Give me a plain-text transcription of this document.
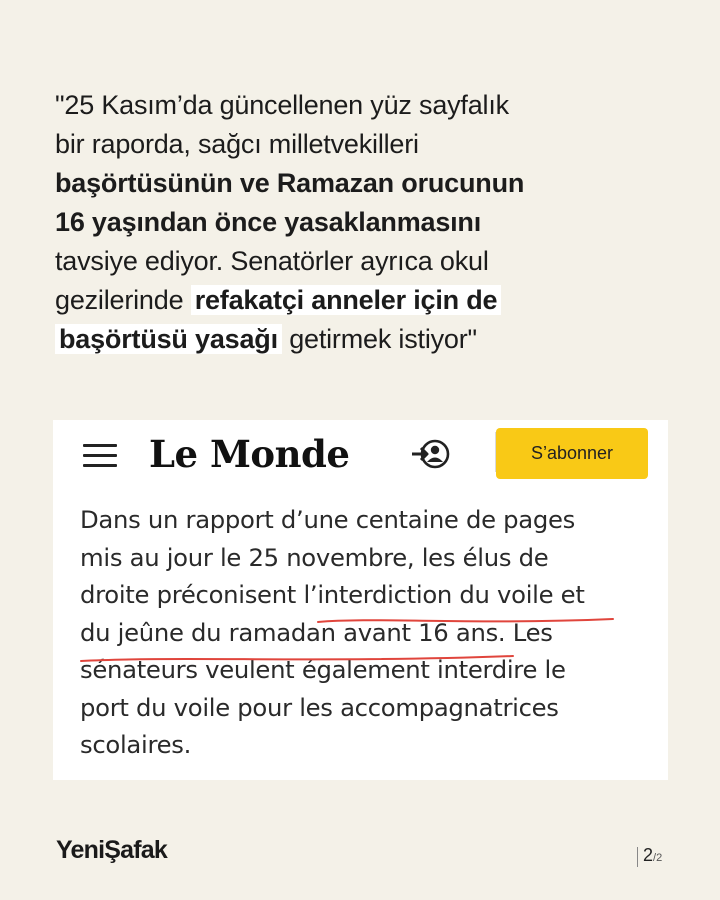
"25 Kasım’da güncellenen yüz sayfalık
bir raporda, sağcı milletvekilleri
başörtüsünün ve Ramazan orucunun
16 yaşından önce yasaklanmasını
tavsiye ediyor. Senatörler ayrıca okul
gezilerinde refakatçi anneler için de
başörtüsü yasağı getirmek istiyor"
Le Monde	S’abonner
Dans un rapport d’une centaine de pages
mis au jour le 25 novembre, les élus de
droite préconisent l’interdiction du voile et
du jeûne du ramadan avant 16 ans. Les
sénateurs veulent également interdire le
port du voile pour les accompagnatrices
scolaires.
YeniŞafak	2/2
